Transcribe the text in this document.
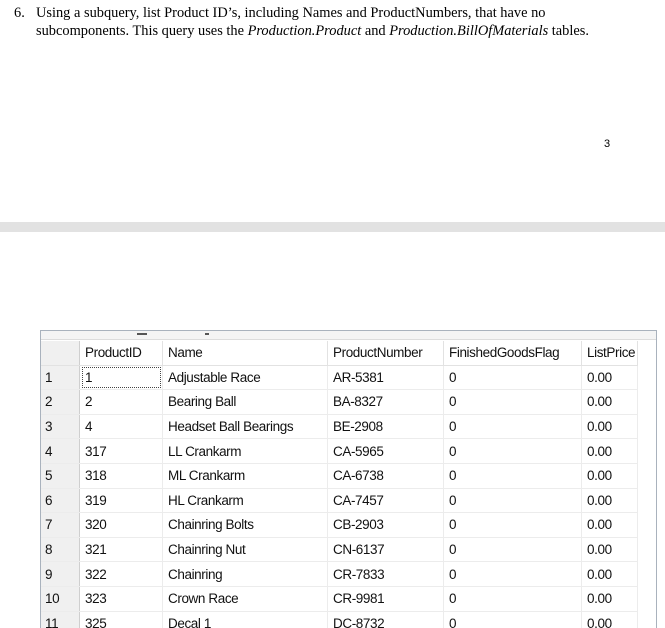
6. Using a subquery, list Product ID’s, including Names and ProductNumbers, that have no subcomponents. This query uses the Production.Product and Production.BillOfMaterials tables.
3
	ProductID	Name	ProductNumber	FinishedGoodsFlag	ListPrice
1	1	Adjustable Race	AR-5381	0	0.00
2	2	Bearing Ball	BA-8327	0	0.00
3	4	Headset Ball Bearings	BE-2908	0	0.00
4	317	LL Crankarm	CA-5965	0	0.00
5	318	ML Crankarm	CA-6738	0	0.00
6	319	HL Crankarm	CA-7457	0	0.00
7	320	Chainring Bolts	CB-2903	0	0.00
8	321	Chainring Nut	CN-6137	0	0.00
9	322	Chainring	CR-7833	0	0.00
10	323	Crown Race	CR-9981	0	0.00
11	325	Decal 1	DC-8732	0	0.00
